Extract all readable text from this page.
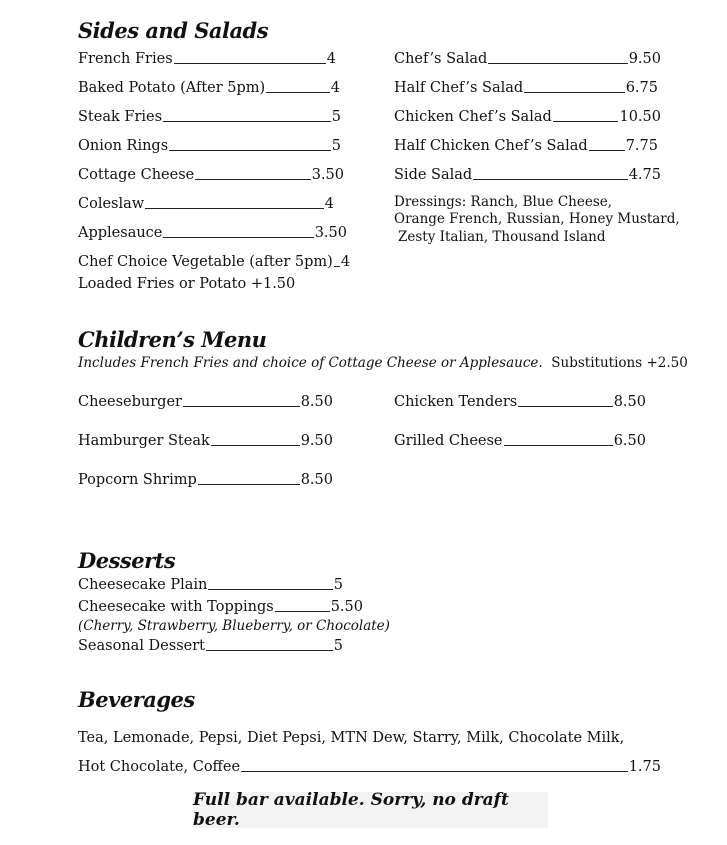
Sides and Salads
French Fries	4
Baked Potato (After 5pm)	4
Steak Fries	5
Onion Rings	5
Cottage Cheese	3.50
Coleslaw	4
Applesauce	3.50
Chef Choice Vegetable (after 5pm) 4
Loaded Fries or Potato +1.50
Chef’s Salad	9.50
Half Chef’s Salad	6.75
Chicken Chef’s Salad	10.50
Half Chicken Chef’s Salad	7.75
Side Salad	4.75
Dressings: Ranch, Blue Cheese,
Orange French, Russian, Honey Mustard,
Zesty Italian, Thousand Island
Children’s Menu
Includes French Fries and choice of Cottage Cheese or Applesauce. Substitutions +2.50
Cheeseburger	8.50
Hamburger Steak	9.50
Popcorn Shrimp	8.50
Chicken Tenders	8.50
Grilled Cheese	6.50
Desserts
Cheesecake Plain	5
Cheesecake with Toppings	5.50
(Cherry, Strawberry, Blueberry, or Chocolate)
Seasonal Dessert	5
Beverages
Tea, Lemonade, Pepsi, Diet Pepsi, MTN Dew, Starry, Milk, Chocolate Milk,
Hot Chocolate, Coffee	1.75
Full bar available. Sorry, no draft beer.
